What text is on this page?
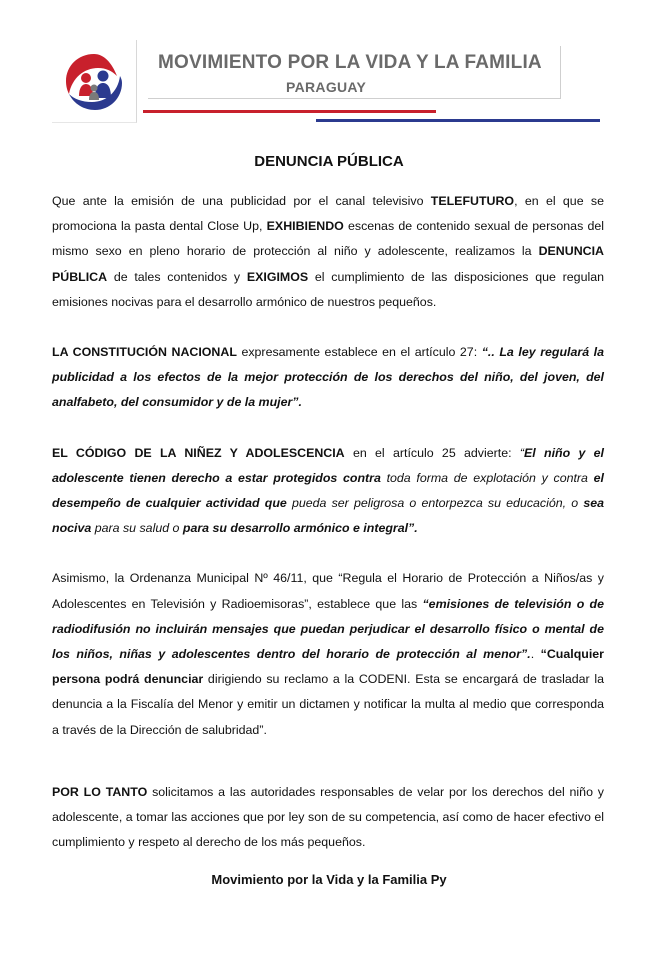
MOVIMIENTO POR LA VIDA Y LA FAMILIA
PARAGUAY
DENUNCIA PÚBLICA

Que ante la emisión de una publicidad por el canal televisivo TELEFUTURO, en el que se promociona la pasta dental Close Up, EXHIBIENDO escenas de contenido sexual de personas del mismo sexo en pleno horario de protección al niño y adolescente, realizamos la DENUNCIA PÚBLICA de tales contenidos y EXIGIMOS el cumplimiento de las disposiciones que regulan emisiones nocivas para el desarrollo armónico de nuestros pequeños.

LA CONSTITUCIÓN NACIONAL expresamente establece en el artículo 27: “.. La ley regulará la publicidad a los efectos de la mejor protección de los derechos del niño, del joven, del analfabeto, del consumidor y de la mujer”.

EL CÓDIGO DE LA NIÑEZ Y ADOLESCENCIA en el artículo 25 advierte: “El niño y el adolescente tienen derecho a estar protegidos contra toda forma de explotación y contra el desempeño de cualquier actividad que pueda ser peligrosa o entorpezca su educación, o sea nociva para su salud o para su desarrollo armónico e integral”.

Asimismo, la Ordenanza Municipal Nº 46/11, que “Regula el Horario de Protección a Niños/as y Adolescentes en Televisión y Radioemisoras”, establece que las “emisiones de televisión o de radiodifusión no incluirán mensajes que puedan perjudicar el desarrollo físico o mental de los niños, niñas y adolescentes dentro del horario de protección al menor”.. “Cualquier persona podrá denunciar dirigiendo su reclamo a la CODENI. Esta se encargará de trasladar la denuncia a la Fiscalía del Menor y emitir un dictamen y notificar la multa al medio que corresponda a través de la Dirección de salubridad”.

POR LO TANTO solicitamos a las autoridades responsables de velar por los derechos del niño y adolescente, a tomar las acciones que por ley son de su competencia, así como de hacer efectivo el cumplimiento y respeto al derecho de los más pequeños.

Movimiento por la Vida y la Familia Py
